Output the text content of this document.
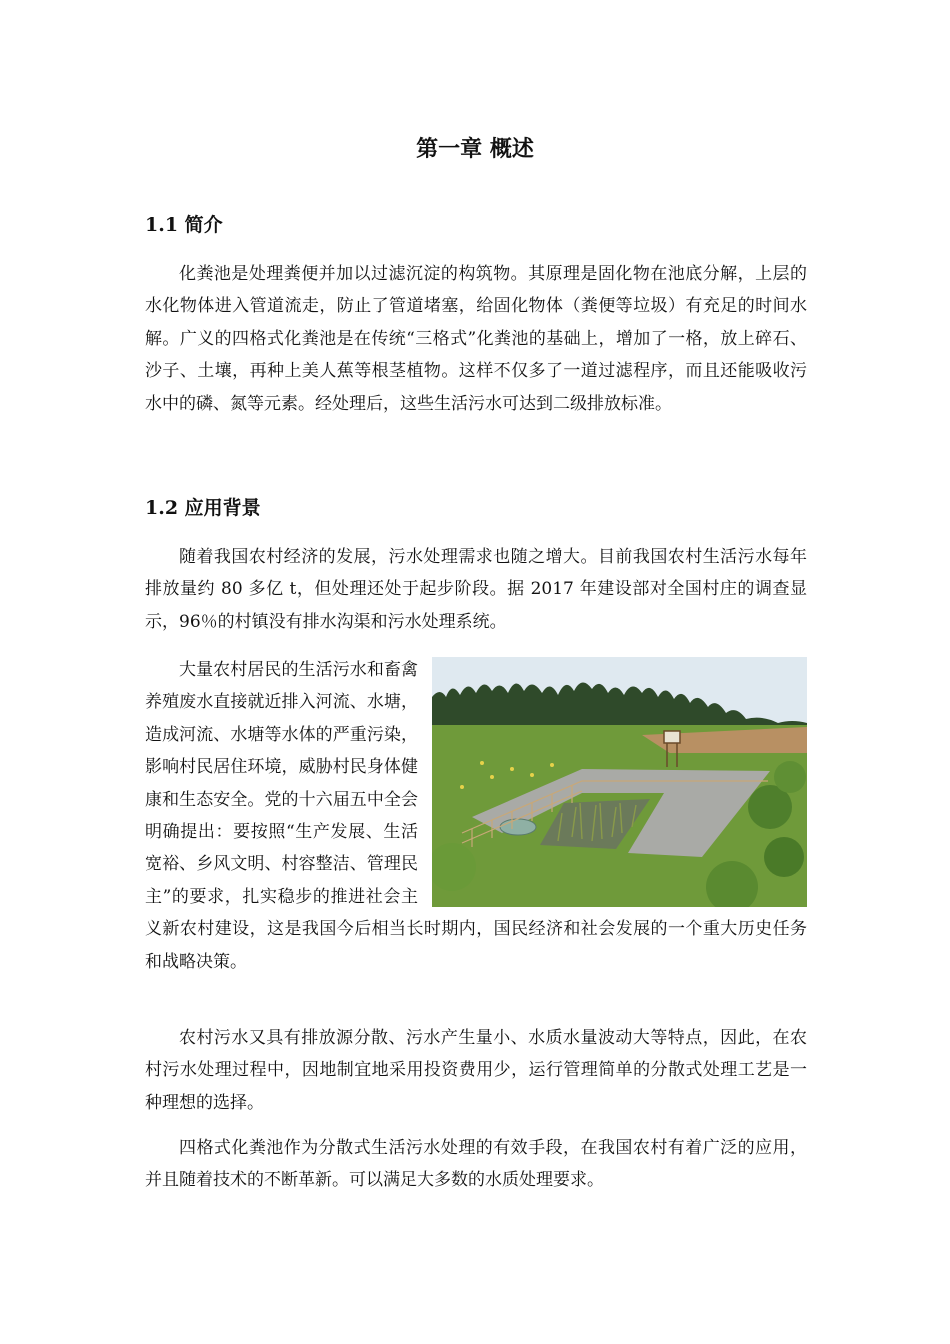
第一章 概述
1.1 简介

化粪池是处理粪便并加以过滤沉淀的构筑物。其原理是固化物在池底分解，上层的水化物体进入管道流走，防止了管道堵塞，给固化物体（粪便等垃圾）有充足的时间水解。广义的四格式化粪池是在传统“三格式”化粪池的基础上，增加了一格，放上碎石、沙子、土壤，再种上美人蕉等根茎植物。这样不仅多了一道过滤程序，而且还能吸收污水中的磷、氮等元素。经处理后，这些生活污水可达到二级排放标准。

1.2 应用背景

随着我国农村经济的发展，污水处理需求也随之增大。目前我国农村生活污水每年排放量约 80 多亿 t，但处理还处于起步阶段。据 2017 年建设部对全国村庄的调查显示，96％的村镇没有排水沟渠和污水处理系统。

大量农村居民的生活污水和畜禽养殖废水直接就近排入河流、水塘，造成河流、水塘等水体的严重污染，影响村民居住环境，威胁村民身体健康和生态安全。党的十六届五中全会明确提出：要按照“生产发展、生活宽裕、乡风文明、村容整洁、管理民主”的要求，扎实稳步的推进社会主义新农村建设，这是我国今后相当长时期内，国民经济和社会发展的一个重大历史任务和战略决策。

农村污水又具有排放源分散、污水产生量小、水质水量波动大等特点，因此，在农村污水处理过程中，因地制宜地采用投资费用少，运行管理简单的分散式处理工艺是一种理想的选择。

四格式化粪池作为分散式生活污水处理的有效手段，在我国农村有着广泛的应用，并且随着技术的不断革新。可以满足大多数的水质处理要求。
